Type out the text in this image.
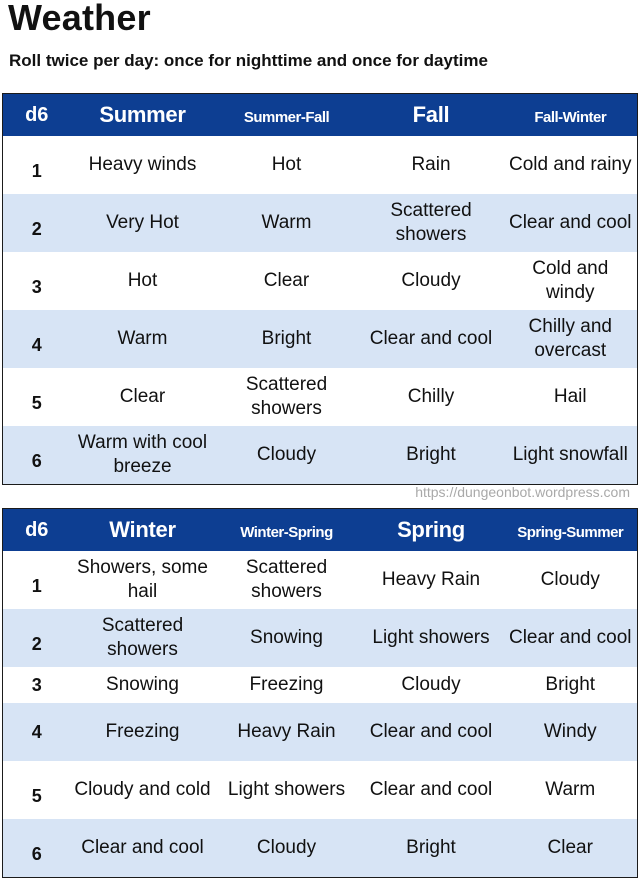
Weather
Roll twice per day: once for nighttime and once for daytime
d6	Summer	Summer-Fall	Fall	Fall-Winter
1	Heavy winds	Hot	Rain	Cold and rainy
2	Very Hot	Warm	Scattered showers	Clear and cool
3	Hot	Clear	Cloudy	Cold and windy
4	Warm	Bright	Clear and cool	Chilly and overcast
5	Clear	Scattered showers	Chilly	Hail
6	Warm with cool breeze	Cloudy	Bright	Light snowfall
https://dungeonbot.wordpress.com
d6	Winter	Winter-Spring	Spring	Spring-Summer
1	Showers, some hail	Scattered showers	Heavy Rain	Cloudy
2	Scattered showers	Snowing	Light showers	Clear and cool
3	Snowing	Freezing	Cloudy	Bright
4	Freezing	Heavy Rain	Clear and cool	Windy
5	Cloudy and cold	Light showers	Clear and cool	Warm
6	Clear and cool	Cloudy	Bright	Clear
